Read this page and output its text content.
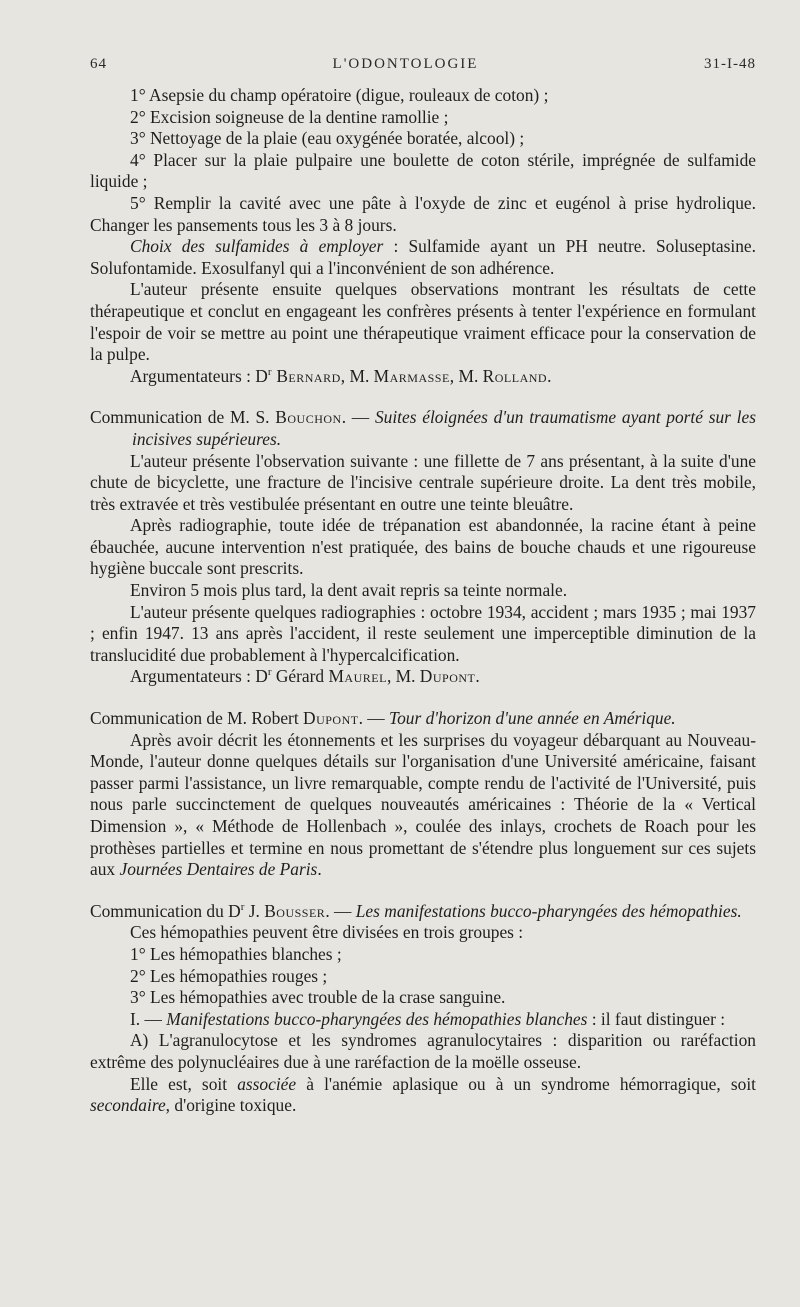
64	L'ODONTOLOGIE	31-I-48

1° Asepsie du champ opératoire (digue, rouleaux de coton) ;

2° Excision soigneuse de la dentine ramollie ;

3° Nettoyage de la plaie (eau oxygénée boratée, alcool) ;

4° Placer sur la plaie pulpaire une boulette de coton stérile, imprégnée de sulfamide liquide ;

5° Remplir la cavité avec une pâte à l'oxyde de zinc et eugénol à prise hydrolique. Changer les pansements tous les 3 à 8 jours.

Choix des sulfamides à employer : Sulfamide ayant un PH neutre. Soluseptasine. Solufontamide. Exosulfanyl qui a l'inconvénient de son adhérence.

L'auteur présente ensuite quelques observations montrant les résultats de cette thérapeutique et conclut en engageant les confrères présents à tenter l'expérience en formulant l'espoir de voir se mettre au point une thérapeutique vraiment efficace pour la conservation de la pulpe.

Argumentateurs : $D^r$ Bernard, M. Marmasse, M. Rolland.

Communication de M. S. Bouchon. — Suites éloignées d'un traumatisme ayant porté sur les incisives supérieures.

L'auteur présente l'observation suivante : une fillette de 7 ans présentant, à la suite d'une chute de bicyclette, une fracture de l'incisive centrale supérieure droite. La dent très mobile, très extravée et très vestibulée présentant en outre une teinte bleuâtre.

Après radiographie, toute idée de trépanation est abandonnée, la racine étant à peine ébauchée, aucune intervention n'est pratiquée, des bains de bouche chauds et une rigoureuse hygiène buccale sont prescrits.

Environ 5 mois plus tard, la dent avait repris sa teinte normale.

L'auteur présente quelques radiographies : octobre 1934, accident ; mars 1935 ; mai 1937 ; enfin 1947. 13 ans après l'accident, il reste seulement une imperceptible diminution de la translucidité due probablement à l'hypercalcification.

Argumentateurs : $D^r$ Gérard Maurel, M. Dupont.

Communication de M. Robert Dupont. — Tour d'horizon d'une année en Amérique.

Après avoir décrit les étonnements et les surprises du voyageur débarquant au Nouveau-Monde, l'auteur donne quelques détails sur l'organisation d'une Université américaine, faisant passer parmi l'assistance, un livre remarquable, compte rendu de l'activité de l'Université, puis nous parle succinctement de quelques nouveautés américaines : Théorie de la « Vertical Dimension », « Méthode de Hollenbach », coulée des inlays, crochets de Roach pour les prothèses partielles et termine en nous promettant de s'étendre plus longuement sur ces sujets aux Journées Dentaires de Paris.

Communication du $D^r$ J. Bousser. — Les manifestations bucco-pharyngées des hémopathies.

Ces hémopathies peuvent être divisées en trois groupes :

1° Les hémopathies blanches ;

2° Les hémopathies rouges ;

3° Les hémopathies avec trouble de la crase sanguine.

I. — Manifestations bucco-pharyngées des hémopathies blanches : il faut distinguer :

A) L'agranulocytose et les syndromes agranulocytaires : disparition ou raréfaction extrême des polynucléaires due à une raréfaction de la moëlle osseuse.

Elle est, soit associée à l'anémie aplasique ou à un syndrome hémorragique, soit secondaire, d'origine toxique.
